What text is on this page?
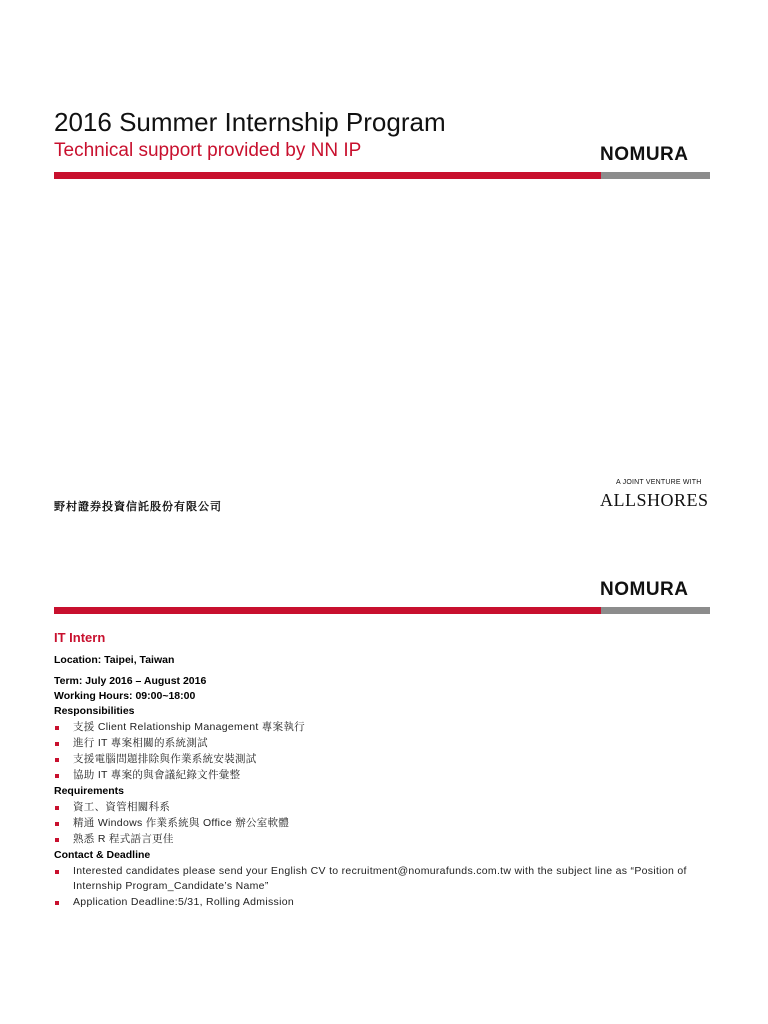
2016 Summer Internship Program
Technical support provided by NN IP	NOMURA
野村證券投資信託股份有限公司
A JOINT VENTURE WITH
ALLSHORES
NOMURA
IT Intern

Location: Taipei, Taiwan

Term: July 2016 – August 2016

Working Hours: 09:00~18:00

Responsibilities

支援 Client Relationship Management 專案執行
進行 IT 專案相關的系統測試
支援電腦問題排除與作業系統安裝測試
協助 IT 專案的與會議紀錄文件彙整

Requirements

資工、資管相關科系
精通 Windows 作業系統與 Office 辦公室軟體
熟悉 R 程式語言更佳

Contact & Deadline

Interested candidates please send your English CV to recruitment@nomurafunds.com.tw with the subject line as “Position of Internship Program_Candidate’s Name”
Application Deadline:5/31, Rolling Admission
